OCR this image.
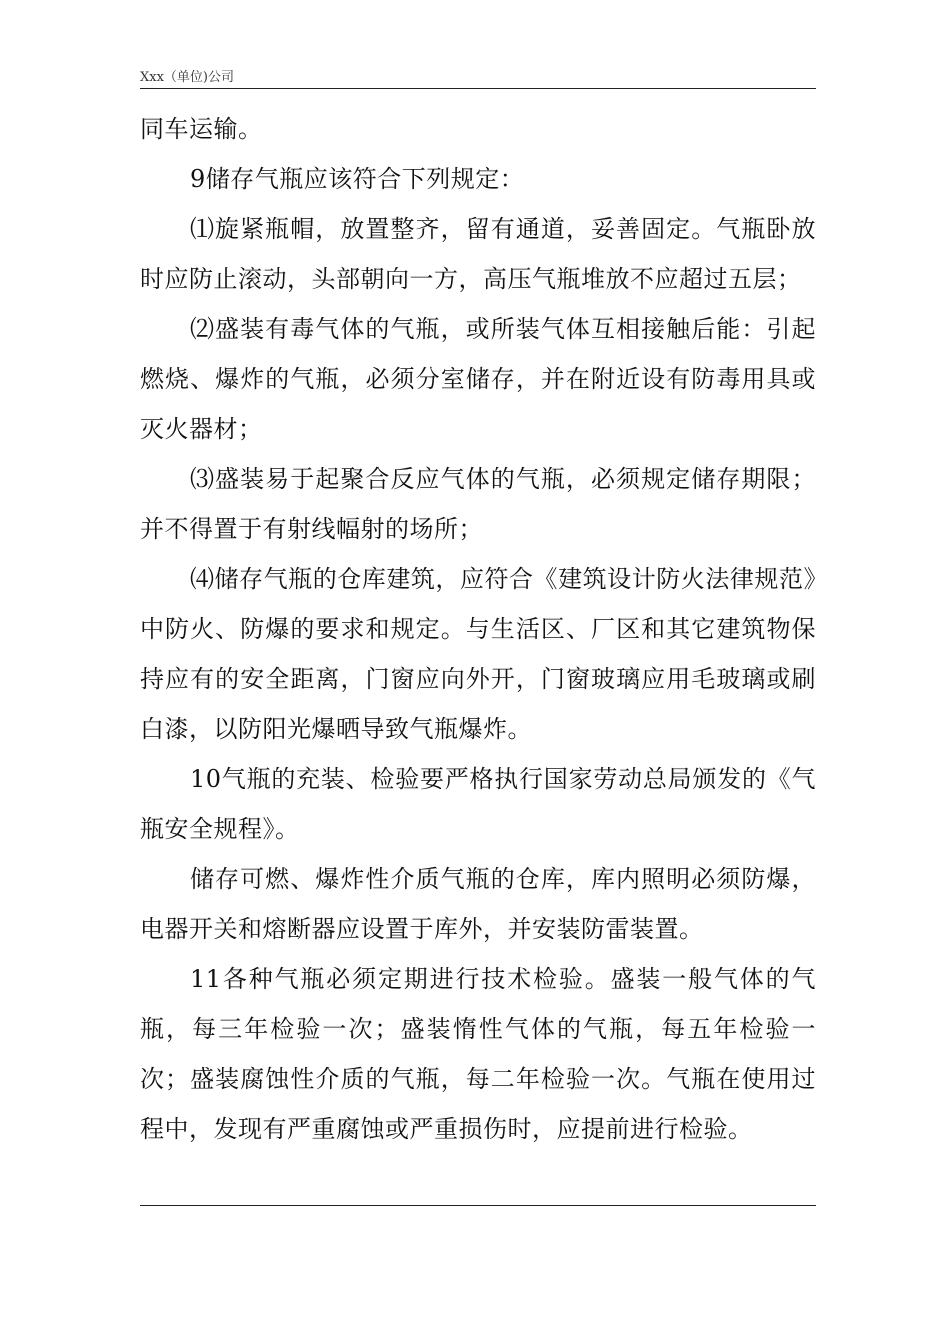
Xxx（单位)公司

同车运输。

9储存气瓶应该符合下列规定：

⑴旋紧瓶帽，放置整齐，留有通道，妥善固定。气瓶卧放时应防止滚动，头部朝向一方，高压气瓶堆放不应超过五层；

⑵盛装有毒气体的气瓶，或所装气体互相接触后能：引起燃烧、爆炸的气瓶，必须分室储存，并在附近设有防毒用具或灭火器材；

⑶盛装易于起聚合反应气体的气瓶，必须规定储存期限；并不得置于有射线幅射的场所；

⑷储存气瓶的仓库建筑，应符合《建筑设计防火法律规范》中防火、防爆的要求和规定。与生活区、厂区和其它建筑物保持应有的安全距离，门窗应向外开，门窗玻璃应用毛玻璃或刷白漆，以防阳光爆晒导致气瓶爆炸。

10气瓶的充装、检验要严格执行国家劳动总局颁发的《气瓶安全规程》。

储存可燃、爆炸性介质气瓶的仓库，库内照明必须防爆，电器开关和熔断器应设置于库外，并安装防雷装置。

11各种气瓶必须定期进行技术检验。盛装一般气体的气瓶，每三年检验一次；盛装惰性气体的气瓶，每五年检验一次；盛装腐蚀性介质的气瓶，每二年检验一次。气瓶在使用过程中，发现有严重腐蚀或严重损伤时，应提前进行检验。
